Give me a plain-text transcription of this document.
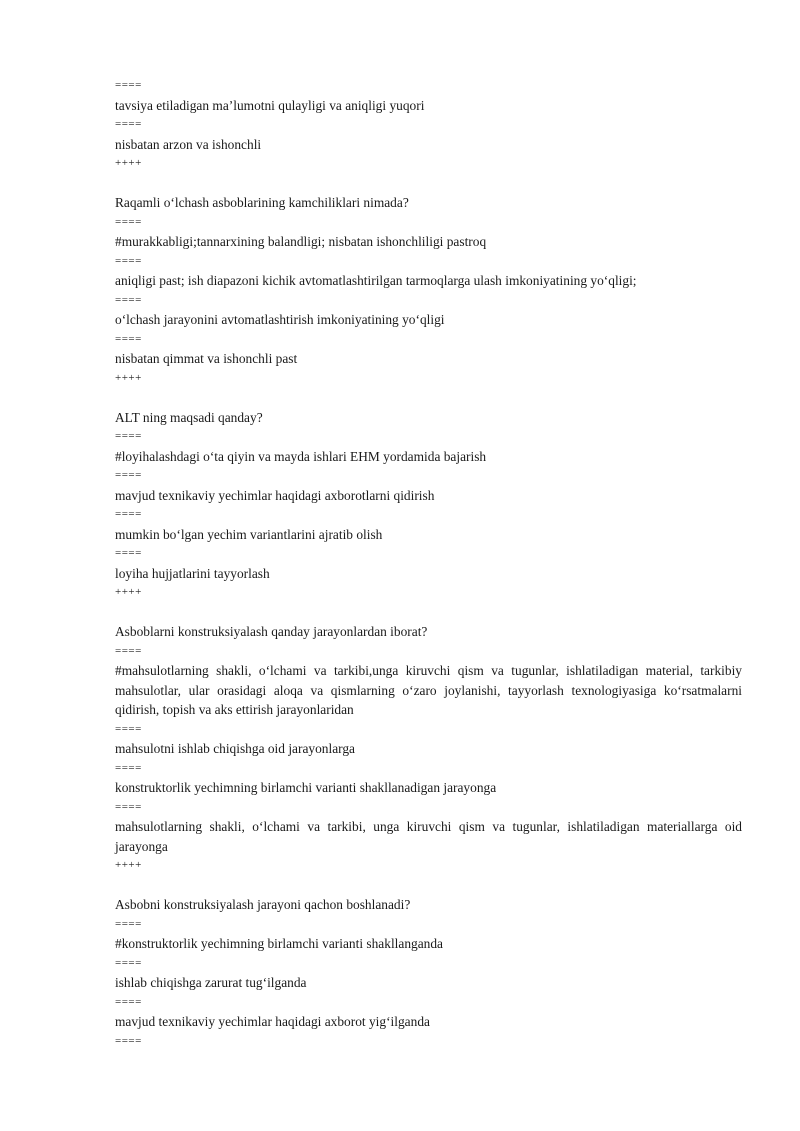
====
tavsiya etiladigan ma’lumotni qulayligi va aniqligi yuqori
====
nisbatan arzon va ishonchli
++++
Raqamli o‘lchash asboblarining kamchiliklari nimada?
====
#murakkabligi;tannarxining balandligi; nisbatan ishonchliligi pastroq
====
aniqligi past; ish diapazoni kichik avtomatlashtirilgan tarmoqlarga ulash imkoniyatining yo‘qligi;
====
o‘lchash jarayonini avtomatlashtirish imkoniyatining yo‘qligi
====
nisbatan qimmat va ishonchli past
++++
ALT ning maqsadi qanday?
====
#loyihalashdagi o‘ta qiyin va mayda ishlari EHM yordamida bajarish
====
mavjud texnikaviy yechimlar haqidagi axborotlarni qidirish
====
mumkin bo‘lgan yechim variantlarini ajratib olish
====
loyiha hujjatlarini tayyorlash
++++
Asboblarni konstruksiyalash qanday jarayonlardan iborat?
====
#mahsulotlarning shakli, o‘lchami va tarkibi,unga kiruvchi qism va tugunlar, ishlatiladigan material, tarkibiy mahsulotlar, ular orasidagi aloqa va qismlarning o‘zaro joylanishi, tayyorlash texnologiyasiga ko‘rsatmalarni qidirish, topish va aks ettirish jarayonlaridan
====
mahsulotni ishlab chiqishga oid jarayonlarga
====
konstruktorlik yechimning birlamchi varianti shakllanadigan jarayonga
====
mahsulotlarning shakli, o‘lchami va tarkibi, unga kiruvchi qism va tugunlar, ishlatiladigan materiallarga oid jarayonga
++++
Asbobni konstruksiyalash jarayoni qachon boshlanadi?
====
#konstruktorlik yechimning birlamchi varianti shakllanganda
====
ishlab chiqishga zarurat tug‘ilganda
====
mavjud texnikaviy yechimlar haqidagi axborot yig‘ilganda
====
